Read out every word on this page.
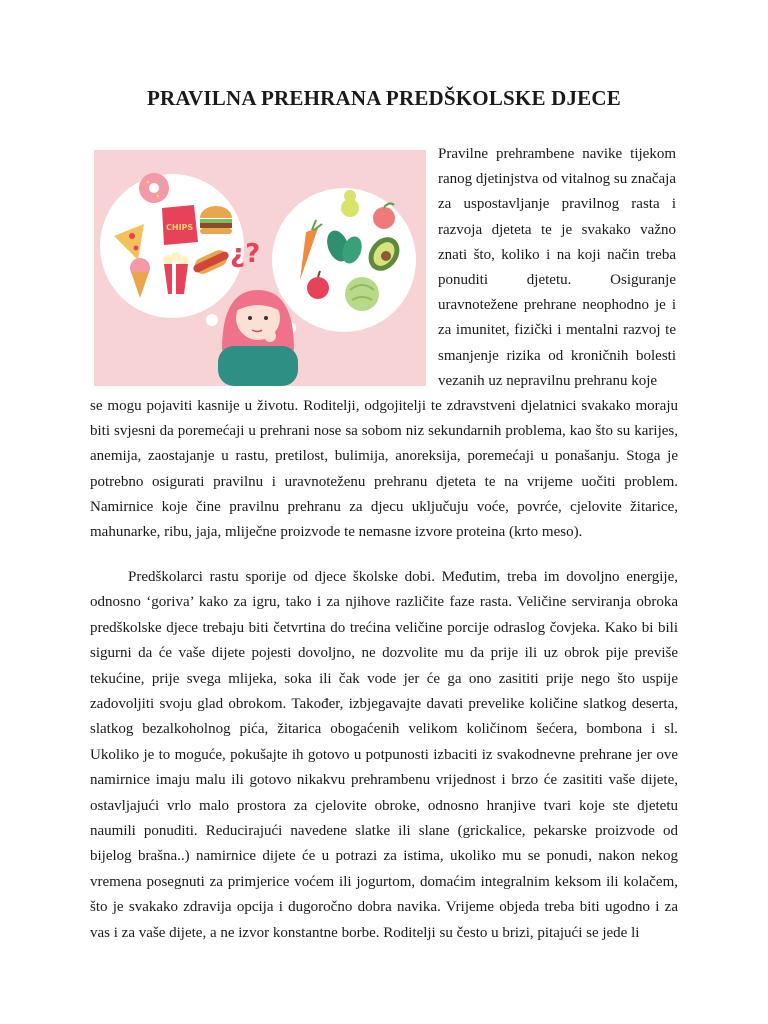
PRAVILNA PREHRANA PREDŠKOLSKE DJECE
CHIPS
¿?
Pravilne prehrambene navike tijekom ranog djetinjstva od vitalnog su značaja za uspostavljanje pravilnog rasta i razvoja djeteta te je svakako važno znati što, koliko i na koji način treba ponuditi djetetu. Osiguranje uravnotežene prehrane neophodno je i za imunitet, fizički i mentalni razvoj te smanjenje rizika od kroničnih bolesti vezanih uz nepravilnu prehranu koje
se mogu pojaviti kasnije u životu. Roditelji, odgojitelji te zdravstveni djelatnici svakako moraju biti svjesni da poremećaji u prehrani nose sa sobom niz sekundarnih problema, kao što su karijes, anemija, zaostajanje u rastu, pretilost, bulimija, anoreksija, poremećaji u ponašanju. Stoga je potrebno osigurati pravilnu i uravnoteženu prehranu djeteta te na vrijeme uočiti problem. Namirnice koje čine pravilnu prehranu za djecu uključuju voće, povrće, cjelovite žitarice, mahunarke, ribu, jaja, mliječne proizvode te nemasne izvore proteina (krto meso).
Predškolarci rastu sporije od djece školske dobi. Međutim, treba im dovoljno energije, odnosno ‘goriva’ kako za igru, tako i za njihove različite faze rasta. Veličine serviranja obroka predškolske djece trebaju biti četvrtina do trećina veličine porcije odraslog čovjeka. Kako bi bili sigurni da će vaše dijete pojesti dovoljno, ne dozvolite mu da prije ili uz obrok pije previše tekućine, prije svega mlijeka, soka ili čak vode jer će ga ono zasititi prije nego što uspije zadovoljiti svoju glad obrokom. Također, izbjegavajte davati prevelike količine slatkog deserta, slatkog bezalkoholnog pića, žitarica obogaćenih velikom količinom šećera, bombona i sl. Ukoliko je to moguće, pokušajte ih gotovo u potpunosti izbaciti iz svakodnevne prehrane jer ove namirnice imaju malu ili gotovo nikakvu prehrambenu vrijednost i brzo će zasititi vaše dijete, ostavljajući vrlo malo prostora za cjelovite obroke, odnosno hranjive tvari koje ste djetetu naumili ponuditi. Reducirajući navedene slatke ili slane (grickalice, pekarske proizvode od bijelog brašna..) namirnice dijete će u potrazi za istima, ukoliko mu se ponudi, nakon nekog vremena posegnuti za primjerice voćem ili jogurtom, domaćim integralnim keksom ili kolačem, što je svakako zdravija opcija i dugoročno dobra navika. Vrijeme objeda treba biti ugodno i za vas i za vaše dijete, a ne izvor konstantne borbe. Roditelji su često u brizi, pitajući se jede li
